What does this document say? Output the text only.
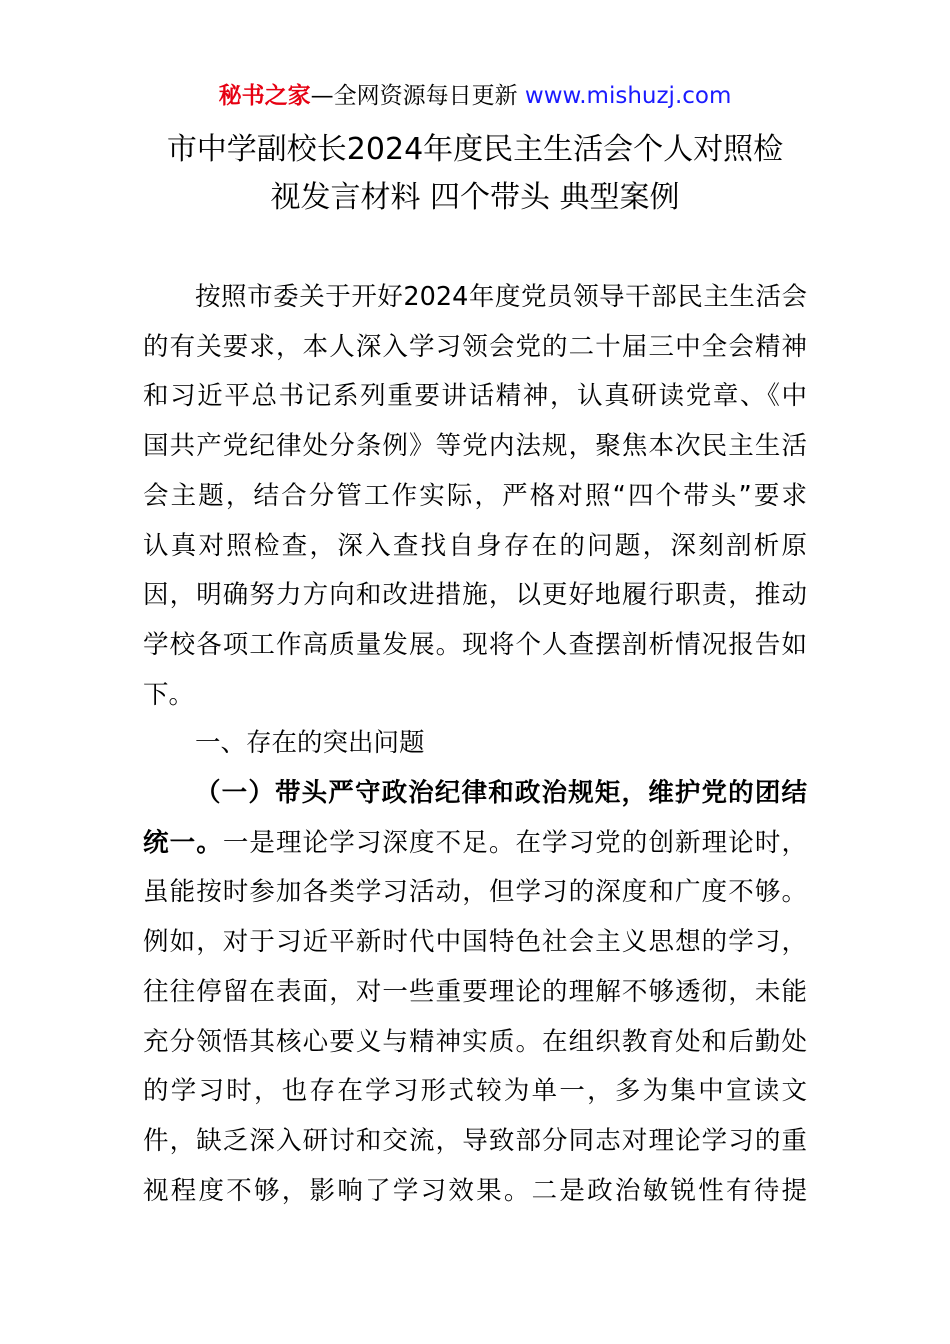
秘书之家—全网资源每日更新 www.mishuzj.com
市中学副校长2024年度民主生活会个人对照检
视发言材料 四个带头 典型案例
按照市委关于开好2024年度党员领导干部民主生活会
的有关要求，本人深入学习领会党的二十届三中全会精神
和习近平总书记系列重要讲话精神，认真研读党章、《中
国共产党纪律处分条例》等党内法规，聚焦本次民主生活
会主题，结合分管工作实际，严格对照“四个带头”要求
认真对照检查，深入查找自身存在的问题，深刻剖析原
因，明确努力方向和改进措施，以更好地履行职责，推动
学校各项工作高质量发展。现将个人查摆剖析情况报告如
下。
一、存在的突出问题
（一）带头严守政治纪律和政治规矩，维护党的团结
统一。一是理论学习深度不足。在学习党的创新理论时，
虽能按时参加各类学习活动，但学习的深度和广度不够。
例如，对于习近平新时代中国特色社会主义思想的学习，
往往停留在表面，对一些重要理论的理解不够透彻，未能
充分领悟其核心要义与精神实质。在组织教育处和后勤处
的学习时，也存在学习形式较为单一，多为集中宣读文
件，缺乏深入研讨和交流，导致部分同志对理论学习的重
视程度不够，影响了学习效果。二是政治敏锐性有待提
